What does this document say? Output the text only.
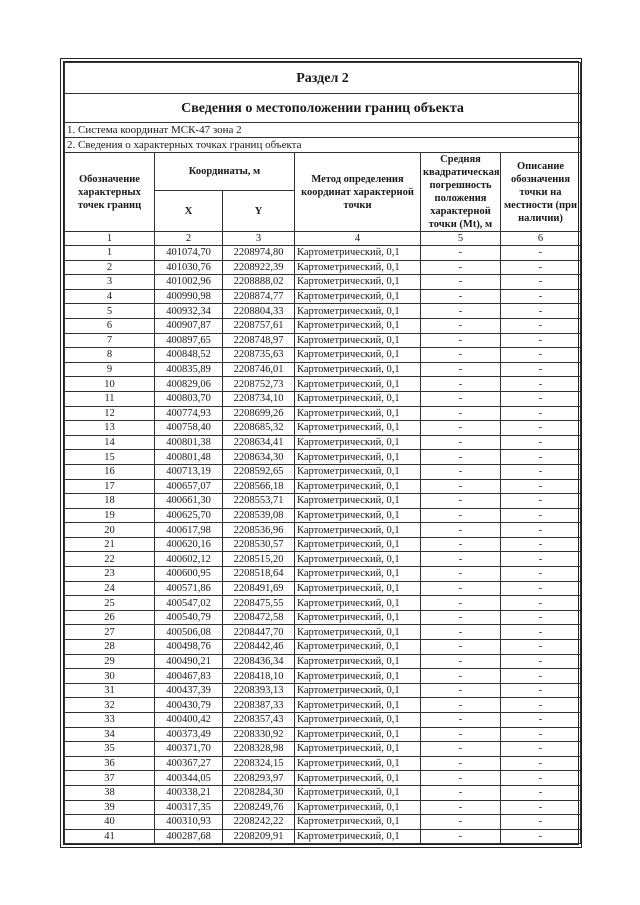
Раздел 2					
Сведения о местоположении границ объекта					
1. Система координат МСК-47 зона 2					
2. Сведения о характерных точках границ объекта					
Обозначение характерных точек границ	Координаты, м		Метод определения координат характерной точки	Средняя квадратическая погрешность положения характерной точки (Mt), м	Описание обозначения точки на местности (при наличии)
	X	Y			
1	2	3	4	5	6
1	401074,70	2208974,80	Картометрический, 0,1	-	-
2	401030,76	2208922,39	Картометрический, 0,1	-	-
3	401002,96	2208888,02	Картометрический, 0,1	-	-
4	400990,98	2208874,77	Картометрический, 0,1	-	-
5	400932,34	2208804,33	Картометрический, 0,1	-	-
6	400907,87	2208757,61	Картометрический, 0,1	-	-
7	400897,65	2208748,97	Картометрический, 0,1	-	-
8	400848,52	2208735,63	Картометрический, 0,1	-	-
9	400835,89	2208746,01	Картометрический, 0,1	-	-
10	400829,06	2208752,73	Картометрический, 0,1	-	-
11	400803,70	2208734,10	Картометрический, 0,1	-	-
12	400774,93	2208699,26	Картометрический, 0,1	-	-
13	400758,40	2208685,32	Картометрический, 0,1	-	-
14	400801,38	2208634,41	Картометрический, 0,1	-	-
15	400801,48	2208634,30	Картометрический, 0,1	-	-
16	400713,19	2208592,65	Картометрический, 0,1	-	-
17	400657,07	2208566,18	Картометрический, 0,1	-	-
18	400661,30	2208553,71	Картометрический, 0,1	-	-
19	400625,70	2208539,08	Картометрический, 0,1	-	-
20	400617,98	2208536,96	Картометрический, 0,1	-	-
21	400620,16	2208530,57	Картометрический, 0,1	-	-
22	400602,12	2208515,20	Картометрический, 0,1	-	-
23	400600,95	2208518,64	Картометрический, 0,1	-	-
24	400571,86	2208491,69	Картометрический, 0,1	-	-
25	400547,02	2208475,55	Картометрический, 0,1	-	-
26	400540,79	2208472,58	Картометрический, 0,1	-	-
27	400506,08	2208447,70	Картометрический, 0,1	-	-
28	400498,76	2208442,46	Картометрический, 0,1	-	-
29	400490,21	2208436,34	Картометрический, 0,1	-	-
30	400467,83	2208418,10	Картометрический, 0,1	-	-
31	400437,39	2208393,13	Картометрический, 0,1	-	-
32	400430,79	2208387,33	Картометрический, 0,1	-	-
33	400400,42	2208357,43	Картометрический, 0,1	-	-
34	400373,49	2208330,92	Картометрический, 0,1	-	-
35	400371,70	2208328,98	Картометрический, 0,1	-	-
36	400367,27	2208324,15	Картометрический, 0,1	-	-
37	400344,05	2208293,97	Картометрический, 0,1	-	-
38	400338,21	2208284,30	Картометрический, 0,1	-	-
39	400317,35	2208249,76	Картометрический, 0,1	-	-
40	400310,93	2208242,22	Картометрический, 0,1	-	-
41	400287,68	2208209,91	Картометрический, 0,1	-	-
